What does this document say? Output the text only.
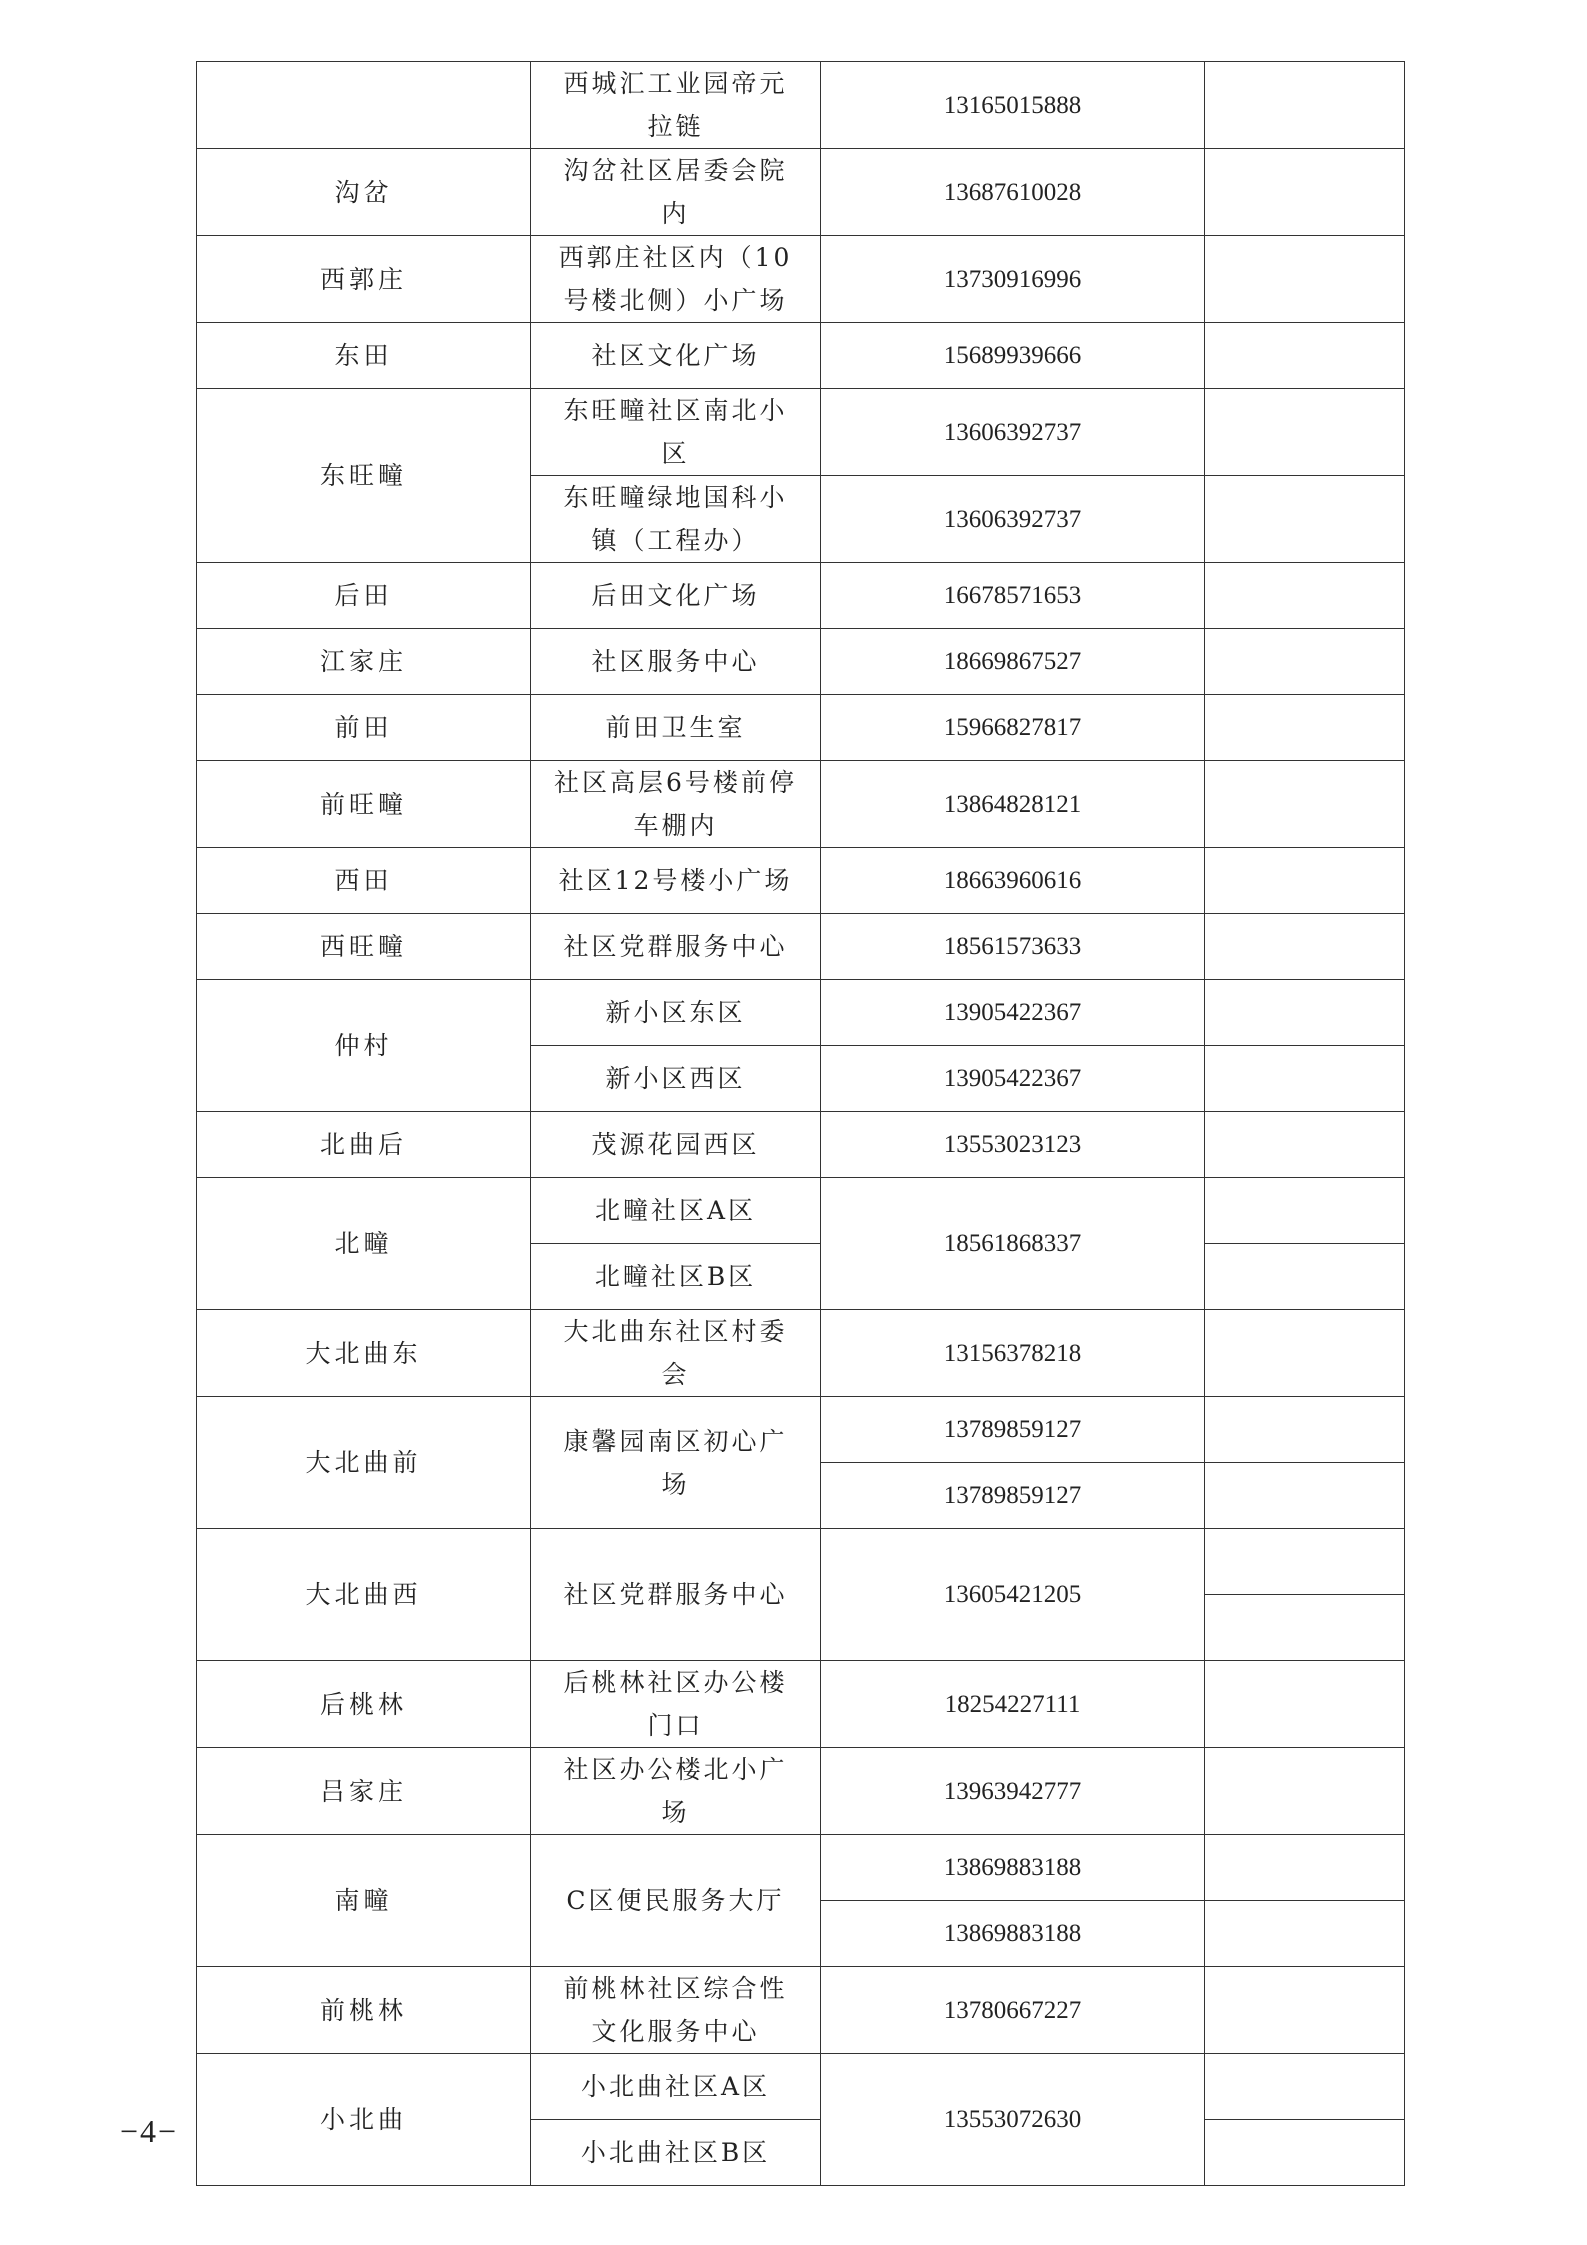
	西城汇工业园帝元拉链	13165015888	
沟岔	沟岔社区居委会院内	13687610028	
西郭庄	西郭庄社区内（10号楼北侧）小广场	13730916996	
东田	社区文化广场	15689939666	
东旺疃	东旺疃社区南北小区	13606392737	
	东旺疃绿地国科小镇（工程办）	13606392737	
后田	后田文化广场	16678571653	
江家庄	社区服务中心	18669867527	
前田	前田卫生室	15966827817	
前旺疃	社区高层6号楼前停车棚内	13864828121	
西田	社区12号楼小广场	18663960616	
西旺疃	社区党群服务中心	18561573633	
仲村	新小区东区	13905422367	
	新小区西区	13905422367	
北曲后	茂源花园西区	13553023123	
北疃	北疃社区A区	18561868337	
	北疃社区B区		
大北曲东	大北曲东社区村委会	13156378218	
大北曲前	康馨园南区初心广场	13789859127	
		13789859127	
大北曲西	社区党群服务中心	13605421205	

后桃林	后桃林社区办公楼门口	18254227111	
吕家庄	社区办公楼北小广场	13963942777	
南疃	C区便民服务大厅	13869883188	
		13869883188	
前桃林	前桃林社区综合性文化服务中心	13780667227	
小北曲	小北曲社区A区	13553072630	
	小北曲社区B区		
−4−
